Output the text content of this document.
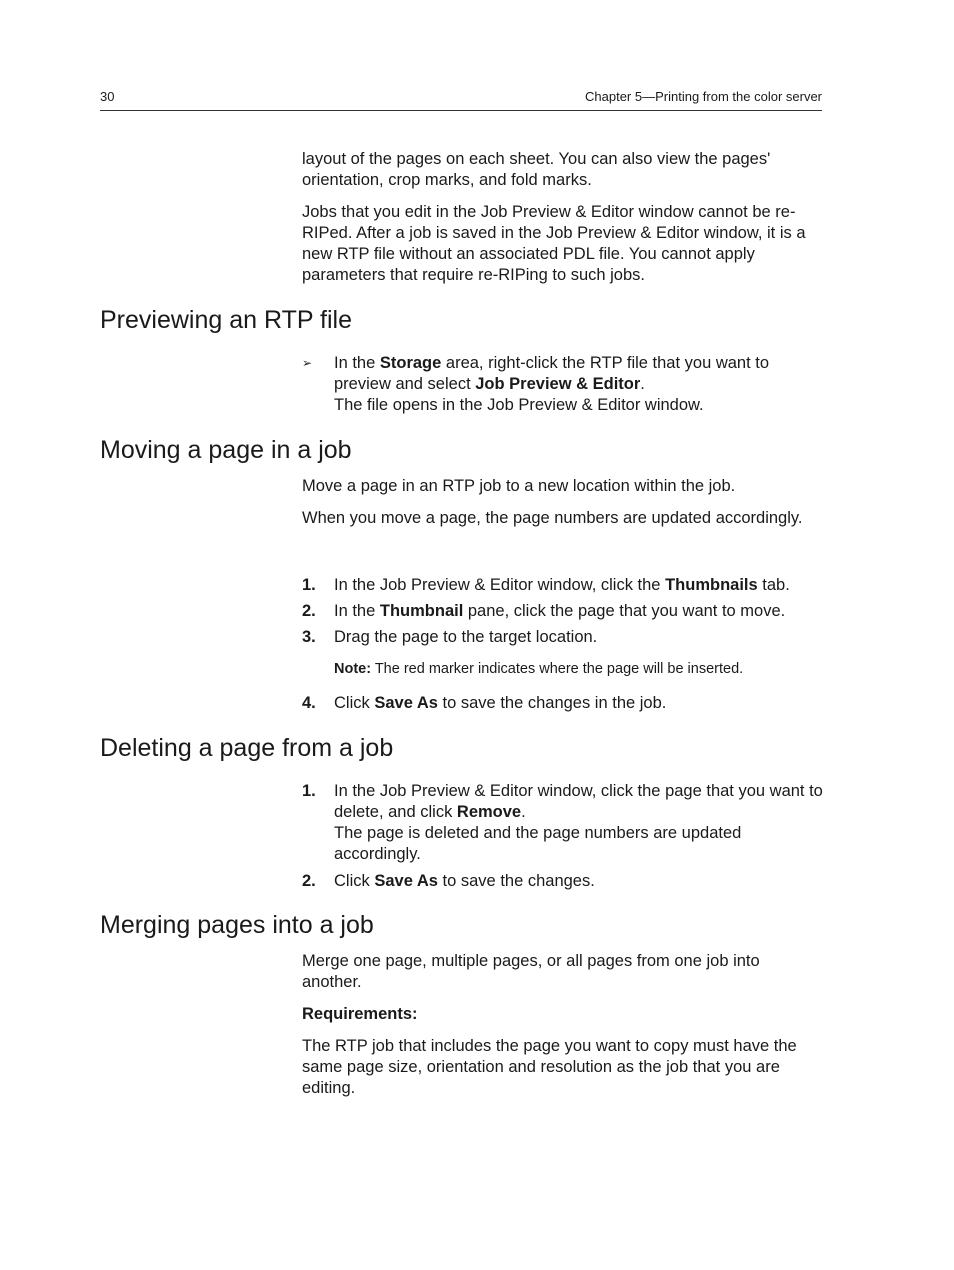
30	Chapter 5—Printing from the color server

layout of the pages on each sheet. You can also view the pages' orientation, crop marks, and fold marks.

Jobs that you edit in the Job Preview & Editor window cannot be re-RIPed. After a job is saved in the Job Preview & Editor window, it is a new RTP file without an associated PDL file. You cannot apply parameters that require re-RIPing to such jobs.

Previewing an RTP file
➢	In the Storage area, right-click the RTP file that you want to preview and select Job Preview & Editor.
The file opens in the Job Preview & Editor window.
Moving a page in a job

Move a page in an RTP job to a new location within the job.

When you move a page, the page numbers are updated accordingly.

1.	In the Job Preview & Editor window, click the Thumbnails tab.
2.	In the Thumbnail pane, click the page that you want to move.
3.	Drag the page to the target location.
Note: The red marker indicates where the page will be inserted.
4.	Click Save As to save the changes in the job.
Deleting a page from a job
1.	In the Job Preview & Editor window, click the page that you want to delete, and click Remove.
The page is deleted and the page numbers are updated accordingly.
2.	Click Save As to save the changes.
Merging pages into a job

Merge one page, multiple pages, or all pages from one job into another.

Requirements:

The RTP job that includes the page you want to copy must have the same page size, orientation and resolution as the job that you are editing.
